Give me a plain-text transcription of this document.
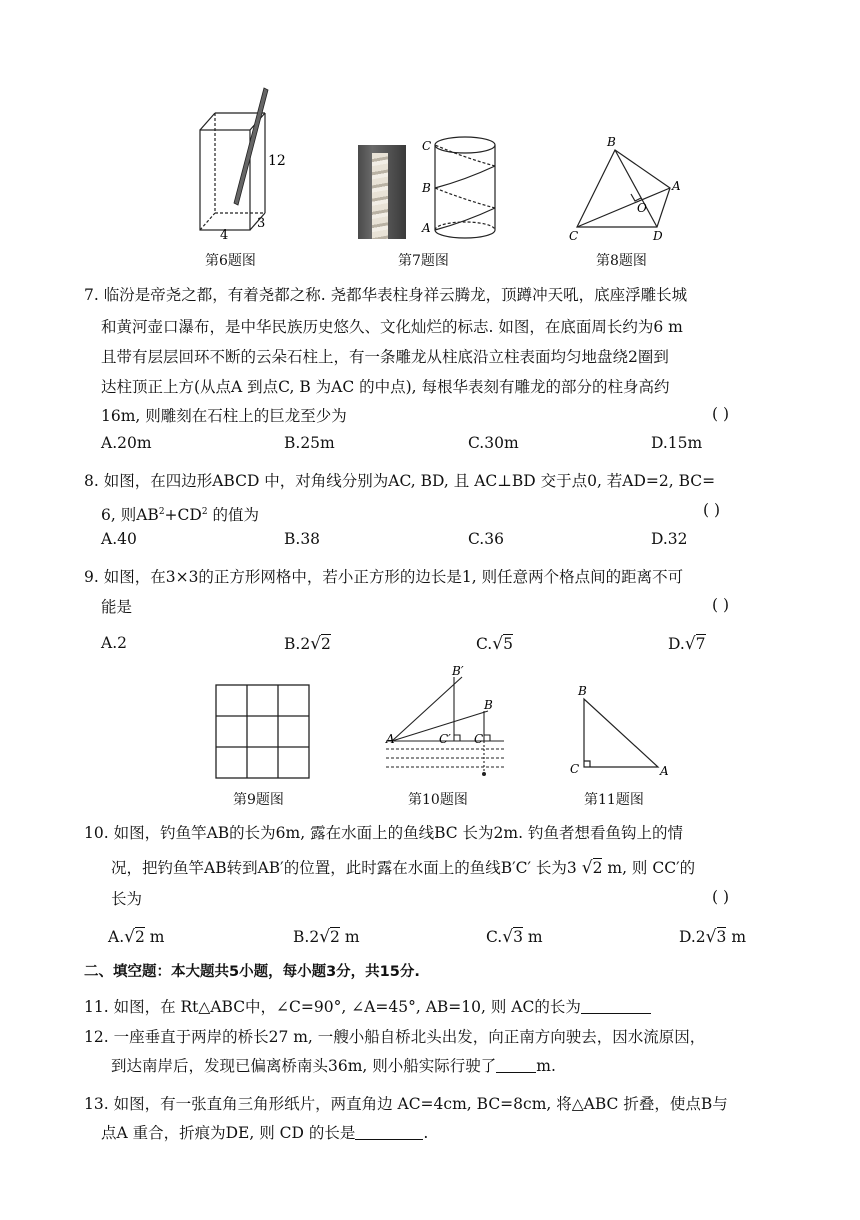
12
4
3
第6题图
C
B
A
第7题图
B
A
O
C	D
第8题图
7. 临汾是帝尧之都，有着尧都之称. 尧都华表柱身祥云腾龙，顶蹲冲天吼，底座浮雕长城
和黄河壶口瀑布，是中华民族历史悠久、文化灿烂的标志. 如图，在底面周长约为6 m
且带有层层回环不断的云朵石柱上，有一条雕龙从柱底沿立柱表面均匀地盘绕2圈到
达柱顶正上方(从点A 到点C, B 为AC 的中点), 每根华表刻有雕龙的部分的柱身高约
16m, 则雕刻在石柱上的巨龙至少为	( )
A.20m	B.25m	C.30m	D.15m
8. 如图，在四边形ABCD 中，对角线分别为AC, BD, 且 AC⊥BD 交于点0, 若AD=2, BC=
6, 则$AB^2+CD^2$ 的值为	( )
A.40	B.38	C.36	D.32
9. 如图，在3×3的正方形网格中，若小正方形的边长是1, 则任意两个格点间的距离不可
能是	( )
A.2	B.2√2	C.√5	D.√7
第9题图
B′
B
A	C′ C
第10题图
B
C	A
第11题图
10. 如图，钓鱼竿AB的长为6m, 露在水面上的鱼线BC 长为2m. 钓鱼者想看鱼钩上的情
况，把钓鱼竿AB转到AB′的位置，此时露在水面上的鱼线B′C′ 长为3 √2 m, 则 CC′的
长为	( )
A.√2 m	B.2√2 m	C.√3 m	D.2√3 m
二、填空题：本大题共5小题，每小题3分，共15分.
11. 如图，在 Rt△ABC中，∠C=90°, ∠A=45°, AB=10, 则 AC的长为
12. 一座垂直于两岸的桥长27 m, 一艘小船自桥北头出发，向正南方向驶去，因水流原因，
到达南岸后，发现已偏离桥南头36m, 则小船实际行驶了	m.
13. 如图，有一张直角三角形纸片，两直角边 AC=4cm, BC=8cm, 将△ABC 折叠，使点B与
点A 重合，折痕为DE, 则 CD 的长是	.
